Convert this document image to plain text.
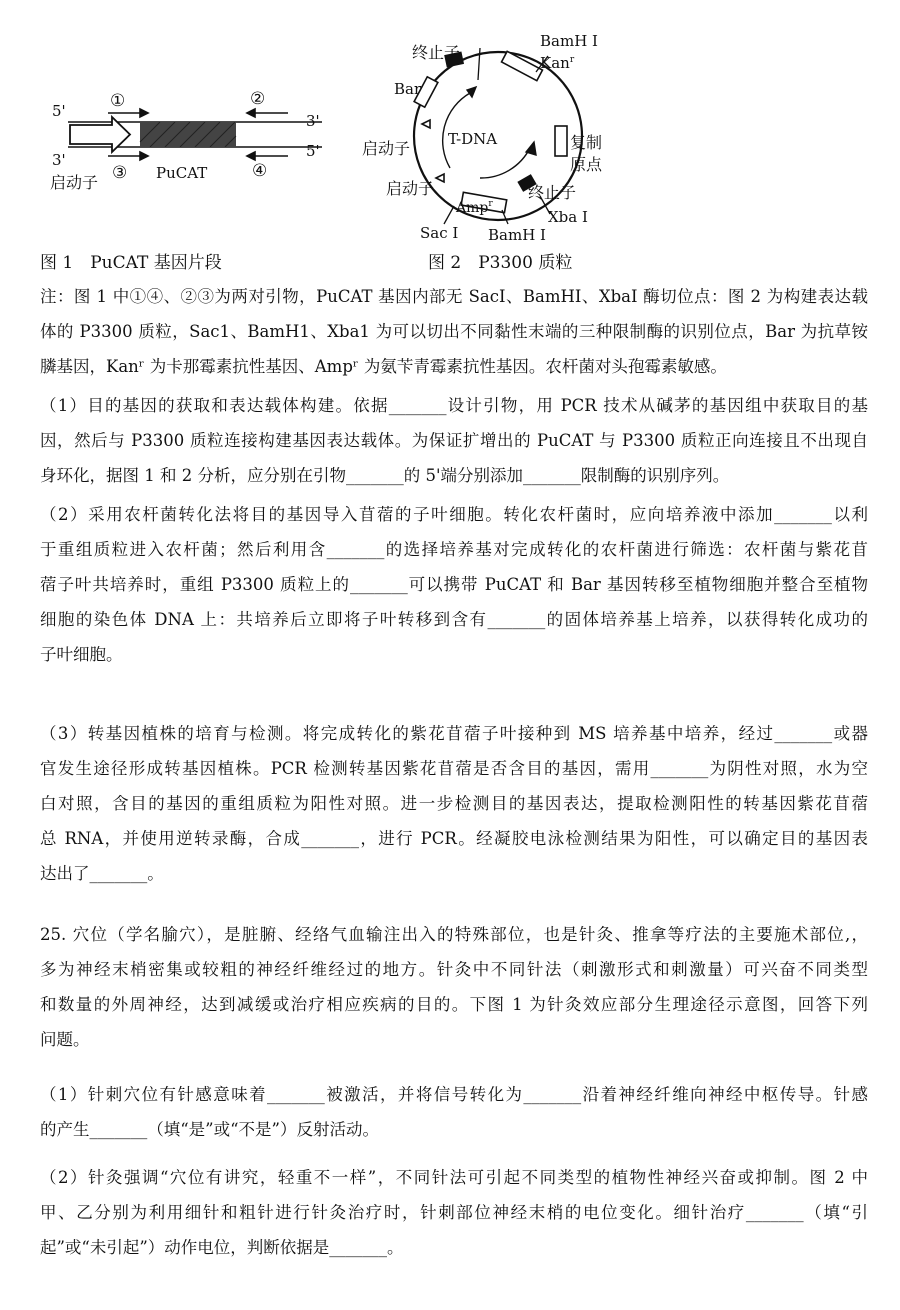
5'
3'
3'
5'
①	②
③	④
启动子	PuCAT
图 1　PuCAT 基因片段
终止子
Bar
启动子
启动子
T-DNA
BamH I
Kan$^r$
复制
原点
终止子
Xba I
Amp$^r$
Sac I BamH I
图 2　P3300 质粒
注：图 1 中①④、②③为两对引物，PuCAT 基因内部无 SacI、BamHI、XbaI 酶切位点：图 2 为构建表达载
体的 P3300 质粒，Sac1、BamH1、Xba1 为可以切出不同黏性末端的三种限制酶的识别位点，Bar 为抗草铵
膦基因，Kanʳ 为卡那霉素抗性基因、Ampʳ 为氨苄青霉素抗性基因。农杆菌对头孢霉素敏感。
（1）目的基因的获取和表达载体构建。依据_______设计引物，用 PCR 技术从碱茅的基因组中获取目的基
因，然后与 P3300 质粒连接构建基因表达载体。为保证扩增出的 PuCAT 与 P3300 质粒正向连接且不出现自
身环化，据图 1 和 2 分析，应分别在引物_______的 5'端分别添加_______限制酶的识别序列。
（2）采用农杆菌转化法将目的基因导入苜蓿的子叶细胞。转化农杆菌时，应向培养液中添加_______以利
于重组质粒进入农杆菌；然后利用含_______的选择培养基对完成转化的农杆菌进行筛选：农杆菌与紫花苜
蓿子叶共培养时，重组 P3300 质粒上的_______可以携带 PuCAT 和 Bar 基因转移至植物细胞并整合至植物
细胞的染色体 DNA 上：共培养后立即将子叶转移到含有_______的固体培养基上培养，以获得转化成功的
子叶细胞。
（3）转基因植株的培育与检测。将完成转化的紫花苜蓿子叶接种到 MS 培养基中培养，经过_______或器
官发生途径形成转基因植株。PCR 检测转基因紫花苜蓿是否含目的基因，需用_______为阴性对照，水为空
白对照，含目的基因的重组质粒为阳性对照。进一步检测目的基因表达，提取检测阳性的转基因紫花苜蓿
总 RNA，并使用逆转录酶，合成_______，进行 PCR。经凝胶电泳检测结果为阳性，可以确定目的基因表
达出了_______。
25. 穴位（学名腧穴），是脏腑、经络气血输注出入的特殊部位，也是针灸、推拿等疗法的主要施术部位,，
多为神经末梢密集或较粗的神经纤维经过的地方。针灸中不同针法（刺激形式和刺激量）可兴奋不同类型
和数量的外周神经，达到减缓或治疗相应疾病的目的。下图 1 为针灸效应部分生理途径示意图，回答下列
问题。
（1）针刺穴位有针感意味着_______被激活，并将信号转化为_______沿着神经纤维向神经中枢传导。针感
的产生_______（填“是”或“不是”）反射活动。
（2）针灸强调“穴位有讲究，轻重不一样”，不同针法可引起不同类型的植物性神经兴奋或抑制。图 2 中
甲、乙分别为利用细针和粗针进行针灸治疗时，针刺部位神经末梢的电位变化。细针治疗_______（填“引
起”或“未引起”）动作电位，判断依据是_______。
